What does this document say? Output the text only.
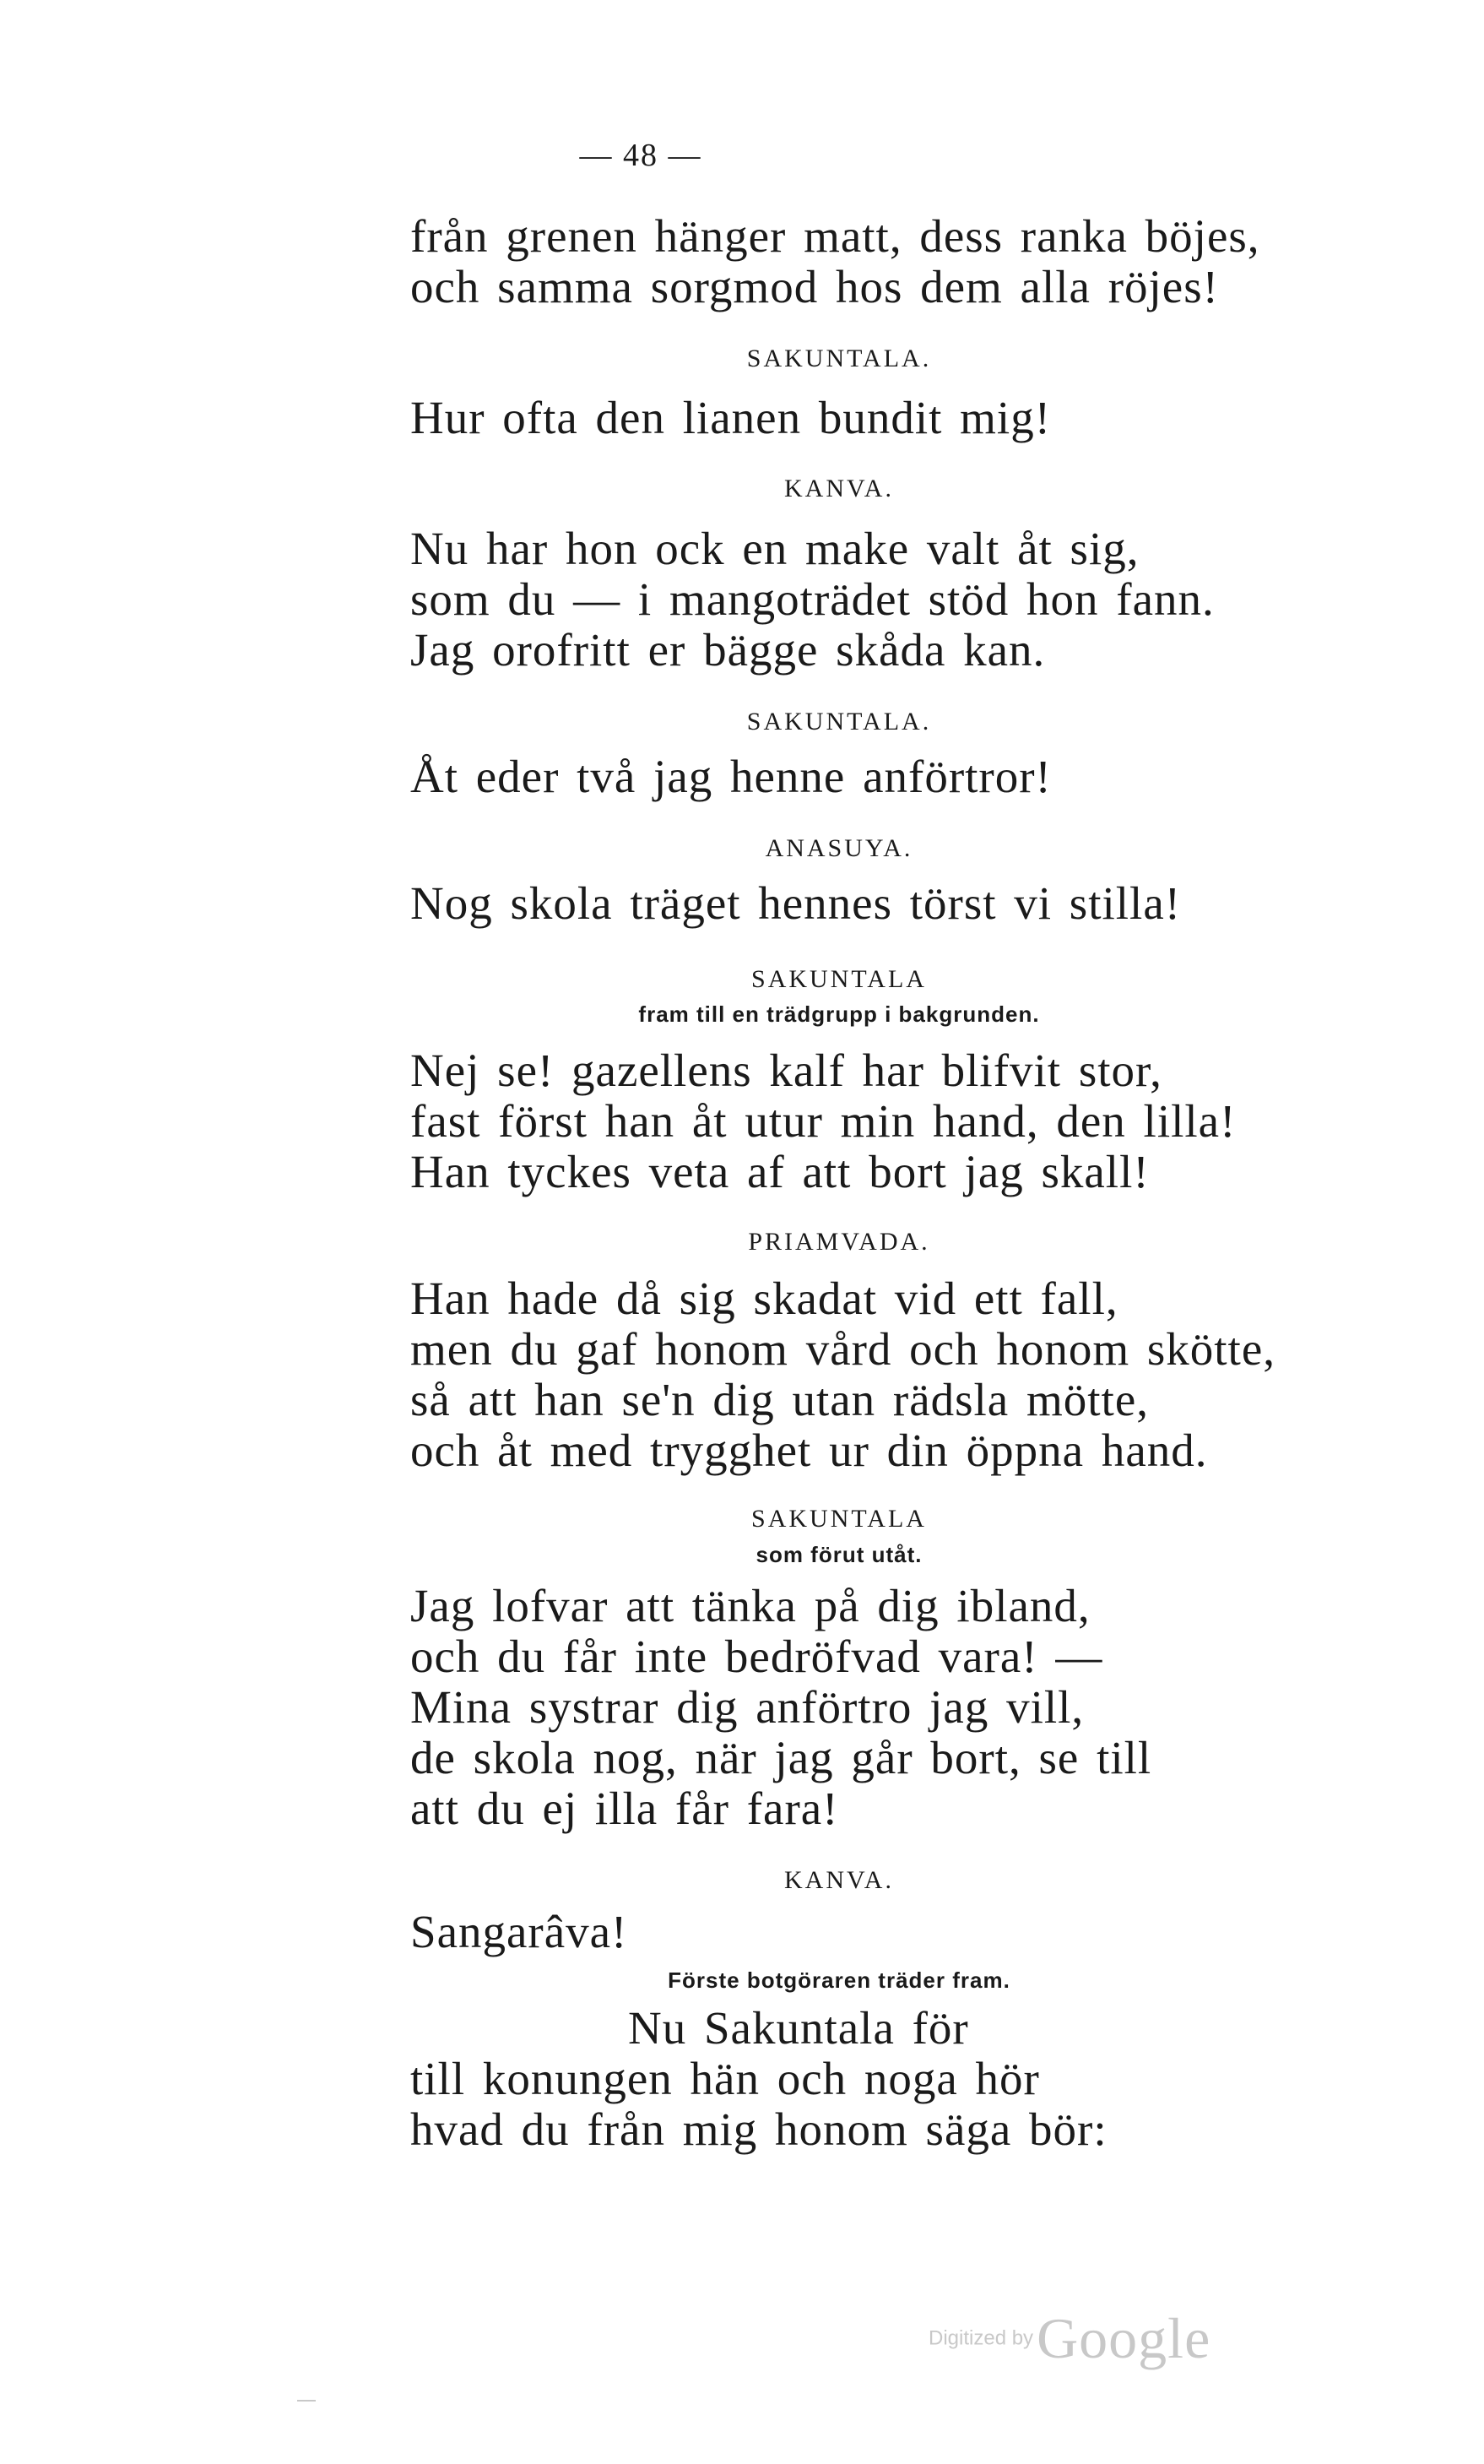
— 48 —
från grenen hänger matt, dess ranka böjes,
och samma sorgmod hos dem alla röjes!
SAKUNTALA.
Hur ofta den lianen bundit mig!
KANVA.
Nu har hon ock en make valt åt sig,
som du — i mangoträdet stöd hon fann.
Jag orofritt er bägge skåda kan.
SAKUNTALA.
Åt eder två jag henne anförtror!
ANASUYA.
Nog skola träget hennes törst vi stilla!
SAKUNTALA
fram till en trädgrupp i bakgrunden.
Nej se! gazellens kalf har blifvit stor,
fast först han åt utur min hand, den lilla!
Han tyckes veta af att bort jag skall!
PRIAMVADA.
Han hade då sig skadat vid ett fall,
men du gaf honom vård och honom skötte,
så att han se'n dig utan rädsla mötte,
och åt med trygghet ur din öppna hand.
SAKUNTALA
som förut utåt.
Jag lofvar att tänka på dig ibland,
och du får inte bedröfvad vara! —
Mina systrar dig anförtro jag vill,
de skola nog, när jag går bort, se till
att du ej illa får fara!
KANVA.
Sangarâva!
Förste botgöraren träder fram.
Nu Sakuntala för
till konungen hän och noga hör
hvad du från mig honom säga bör:
Digitized by Google
